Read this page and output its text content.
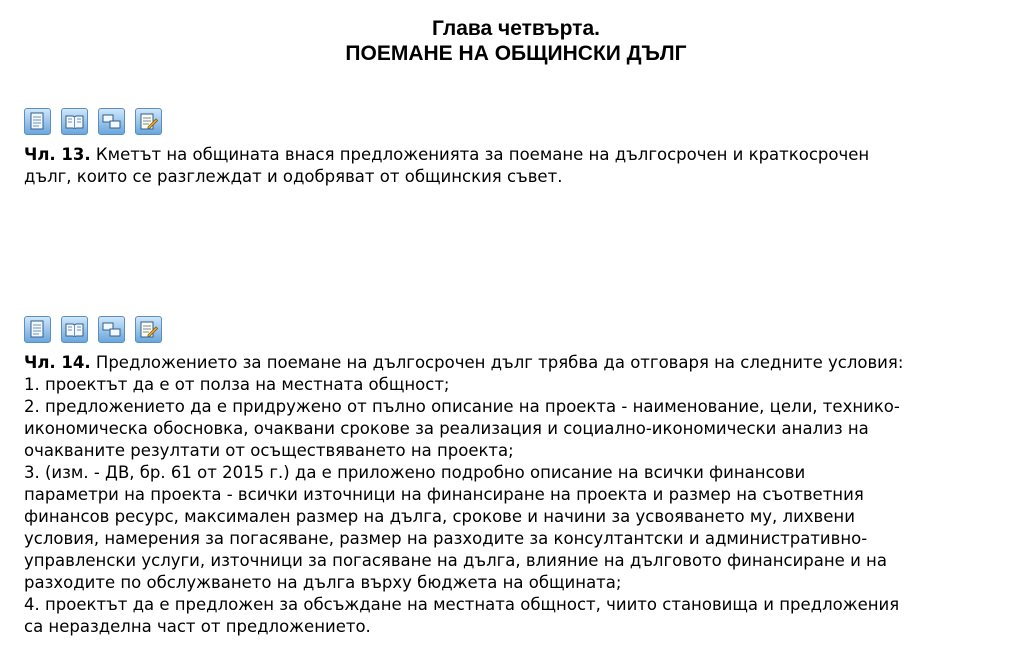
Глава четвърта.
ПОЕМАНЕ НА ОБЩИНСКИ ДЪЛГ

Чл. 13. Кметът на общината внася предложенията за поемане на дългосрочен и краткосрочен
дълг, които се разглеждат и одобряват от общинския съвет.

Чл. 14. Предложението за поемане на дългосрочен дълг трябва да отговаря на следните условия:
1. проектът да е от полза на местната общност;
2. предложението да е придружено от пълно описание на проекта - наименование, цели, технико-
икономическа обосновка, очаквани срокове за реализация и социално-икономически анализ на
очакваните резултати от осъществяването на проекта;
3. (изм. - ДВ, бр. 61 от 2015 г.) да е приложено подробно описание на всички финансови
параметри на проекта - всички източници на финансиране на проекта и размер на съответния
финансов ресурс, максимален размер на дълга, срокове и начини за усвояването му, лихвени
условия, намерения за погасяване, размер на разходите за консултантски и административно-
управленски услуги, източници за погасяване на дълга, влияние на дълговото финансиране и на
разходите по обслужването на дълга върху бюджета на общината;
4. проектът да е предложен за обсъждане на местната общност, чиито становища и предложения
са неразделна част от предложението.
